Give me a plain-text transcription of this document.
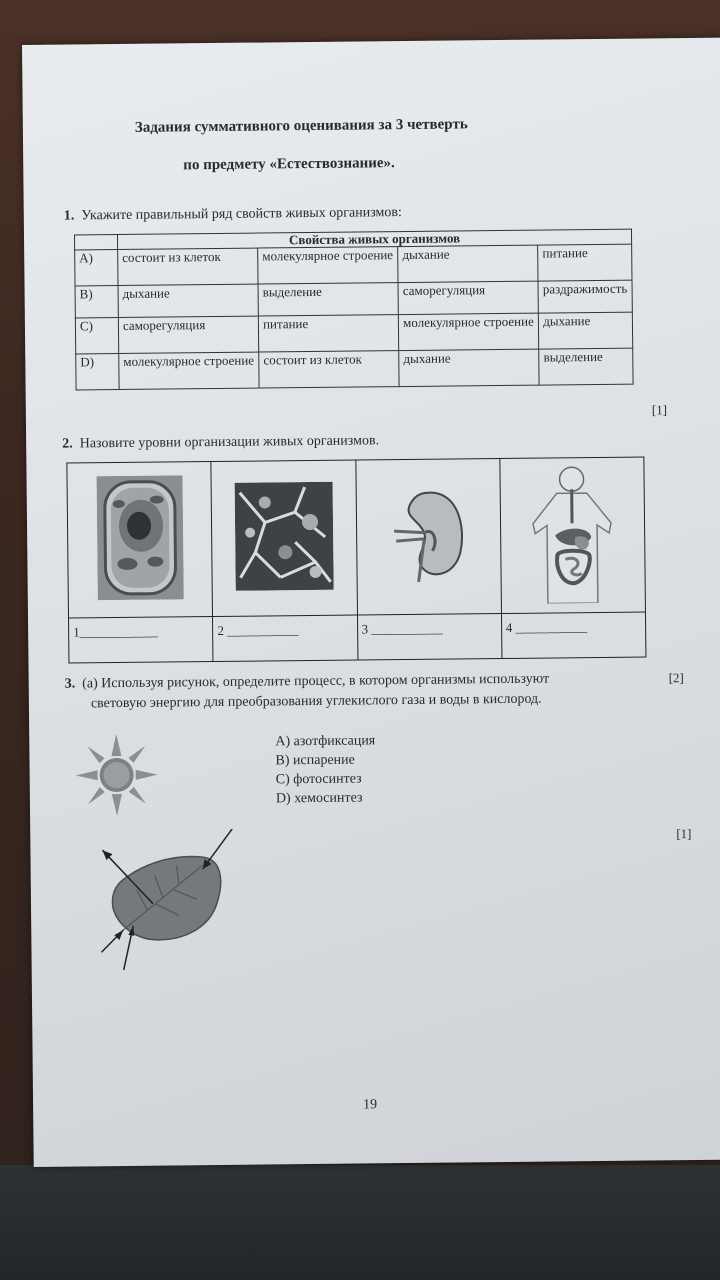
Задания суммативного оценивания за 3 четверть
по предмету «Естествознание».
1. Укажите правильный ряд свойств живых организмов:
	Свойства живых организмов			
A)	состоит из клеток	молекулярное строение	дыхание	питание
B)	дыхание	выделение	саморегуляция	раздражимость
C)	саморегуляция	питание	молекулярное строение	дыхание
D)	молекулярное строение	состоит из клеток	дыхание	выделение
[1]
2. Назовите уровни организации живых организмов.

1____________	2 ___________	3 ___________	4 ___________
3. (а) Используя рисунок, определите процесс, в котором организмы используют
световую энергию для преобразования углекислого газа и воды в кислород.
[2]
A) азотфиксация
B) испарение
C) фотосинтез
D) хемосинтез
[1]
19
